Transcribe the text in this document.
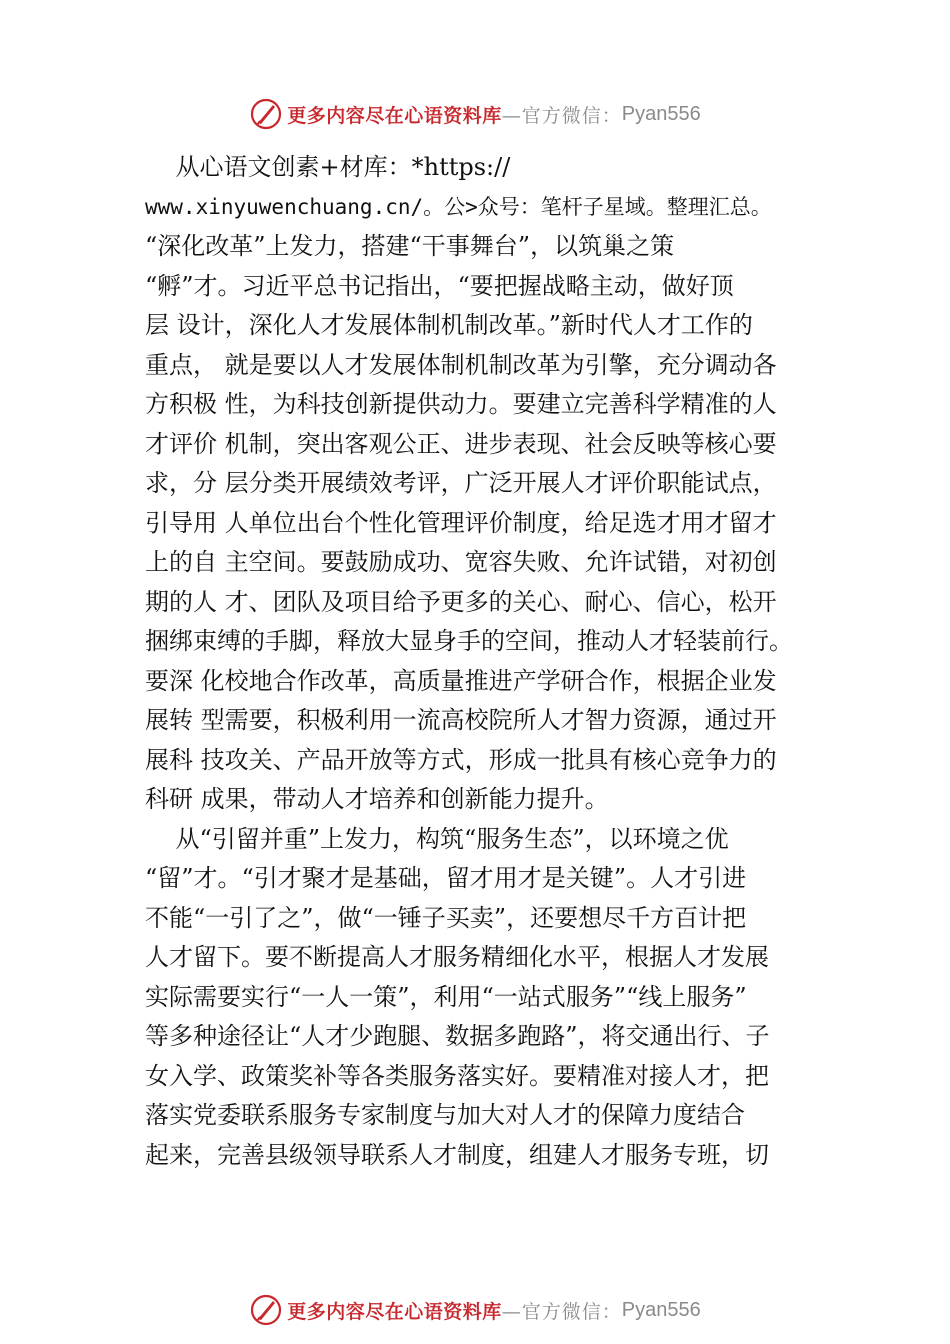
更多内容尽在心语资料库 —官方微信： Pyan556
从心语文创素+材库：*https://
www.xinyuwenchuang.cn/。公>众号：笔杆子星域。整理汇总。
“深化改革”上发力，搭建“干事舞台”，以筑巢之策
“孵”才。习近平总书记指出，“要把握战略主动，做好顶
层 设计，深化人才发展体制机制改革。”新时代人才工作的
重点， 就是要以人才发展体制机制改革为引擎，充分调动各
方积极 性，为科技创新提供动力。要建立完善科学精准的人
才评价 机制，突出客观公正、进步表现、社会反映等核心要
求，分 层分类开展绩效考评，广泛开展人才评价职能试点，
引导用 人单位出台个性化管理评价制度，给足选才用才留才
上的自 主空间。要鼓励成功、宽容失败、允许试错，对初创
期的人 才、团队及项目给予更多的关心、耐心、信心，松开
捆绑束缚的手脚，释放大显身手的空间，推动人才轻装前行。
要深 化校地合作改革，高质量推进产学研合作，根据企业发
展转 型需要，积极利用一流高校院所人才智力资源，通过开
展科 技攻关、产品开放等方式，形成一批具有核心竞争力的
科研 成果，带动人才培养和创新能力提升。
从“引留并重”上发力，构筑“服务生态”，以环境之优
“留”才。“引才聚才是基础，留才用才是关键”。人才引进
不能“一引了之”，做“一锤子买卖”，还要想尽千方百计把
人才留下。要不断提高人才服务精细化水平，根据人才发展
实际需要实行“一人一策”，利用“一站式服务”“线上服务”
等多种途径让“人才少跑腿、数据多跑路”，将交通出行、子
女入学、政策奖补等各类服务落实好。要精准对接人才，把
落实党委联系服务专家制度与加大对人才的保障力度结合
起来，完善县级领导联系人才制度，组建人才服务专班，切
更多内容尽在心语资料库 —官方微信： Pyan556
